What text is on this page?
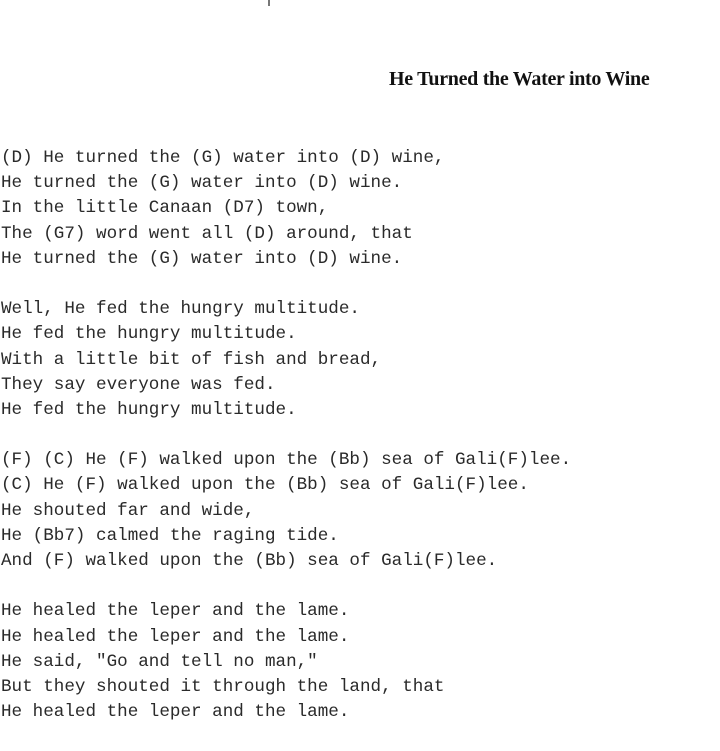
He Turned the Water into Wine
(D) He turned the (G) water into (D) wine,
He turned the (G) water into (D) wine.
In the little Canaan (D7) town,
The (G7) word went all (D) around, that
He turned the (G) water into (D) wine.
Well, He fed the hungry multitude.
He fed the hungry multitude.
With a little bit of fish and bread,
They say everyone was fed.
He fed the hungry multitude.
(F) (C) He (F) walked upon the (Bb) sea of Gali(F)lee.
(C) He (F) walked upon the (Bb) sea of Gali(F)lee.
He shouted far and wide,
He (Bb7) calmed the raging tide.
And (F) walked upon the (Bb) sea of Gali(F)lee.
He healed the leper and the lame.
He healed the leper and the lame.
He said, "Go and tell no man,"
But they shouted it through the land, that
He healed the leper and the lame.
